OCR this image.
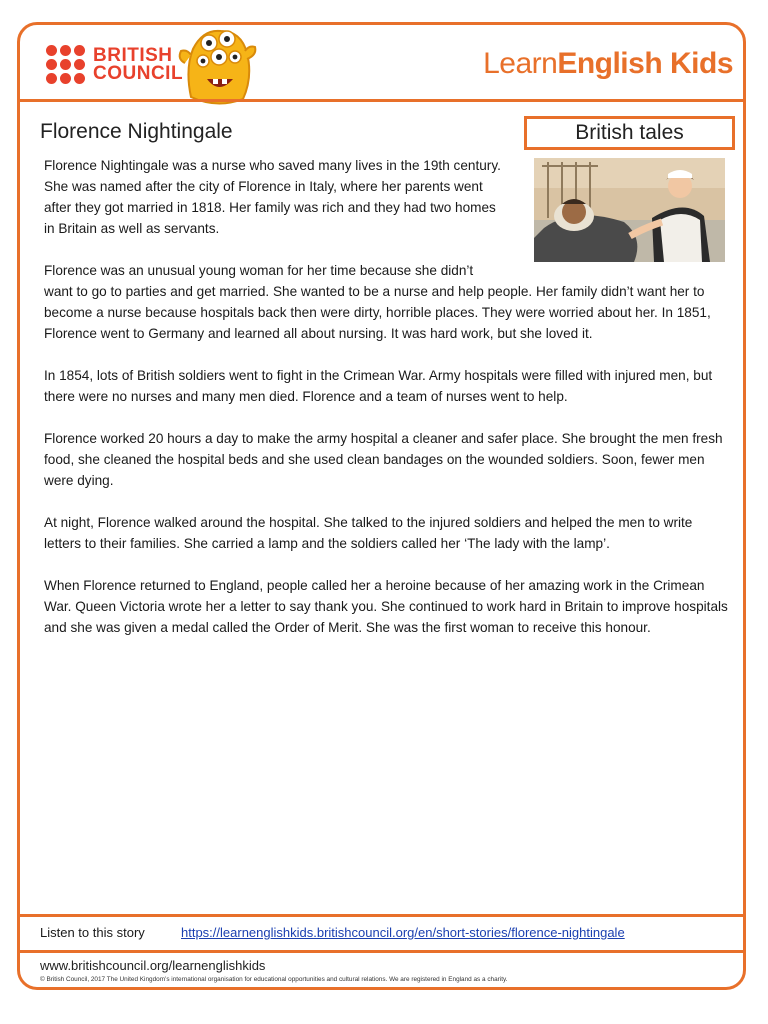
BRITISH
COUNCIL	LearnEnglish Kids
Florence Nightingale	British tales

Florence Nightingale was a nurse who saved many lives in the 19th century. She was named after the city of Florence in Italy, where her parents went after they got married in 1818. Her family was rich and they had two homes in Britain as well as servants.

Florence was an unusual young woman for her time because she didn’t want to go to parties and get married. She wanted to be a nurse and help people. Her family didn’t want her to become a nurse because hospitals back then were dirty, horrible places. They were worried about her. In 1851, Florence went to Germany and learned all about nursing. It was hard work, but she loved it.

In 1854, lots of British soldiers went to fight in the Crimean War. Army hospitals were filled with injured men, but there were no nurses and many men died. Florence and a team of nurses went to help.

Florence worked 20 hours a day to make the army hospital a cleaner and safer place. She brought the men fresh food, she cleaned the hospital beds and she used clean bandages on the wounded soldiers. Soon, fewer men were dying.

At night, Florence walked around the hospital. She talked to the injured soldiers and helped the men to write letters to their families. She carried a lamp and the soldiers called her ‘The lady with the lamp’.

When Florence returned to England, people called her a heroine because of her amazing work in the Crimean War. Queen Victoria wrote her a letter to say thank you. She continued to work hard in Britain to improve hospitals and she was given a medal called the Order of Merit. She was the first woman to receive this honour.

Listen to this story	https://learnenglishkids.britishcouncil.org/en/short-stories/florence-nightingale
www.britishcouncil.org/learnenglishkids
© British Council, 2017 The United Kingdom’s international organisation for educational opportunities and cultural relations. We are registered in England as a charity.
